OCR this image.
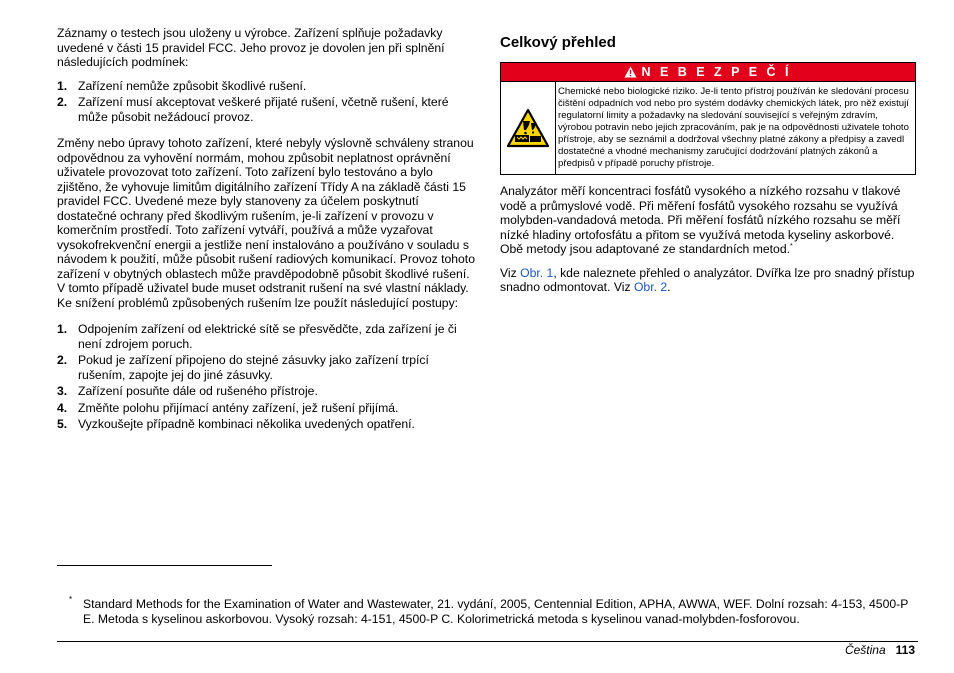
Záznamy o testech jsou uloženy u výrobce. Zařízení splňuje požadavky uvedené v části 15 pravidel FCC. Jeho provoz je dovolen jen při splnění následujících podmínek:

1. Zařízení nemůže způsobit škodlivé rušení.
2. Zařízení musí akceptovat veškeré přijaté rušení, včetně rušení, které může působit nežádoucí provoz.

Změny nebo úpravy tohoto zařízení, které nebyly výslovně schváleny stranou odpovědnou za vyhovění normám, mohou způsobit neplatnost oprávnění uživatele provozovat toto zařízení. Toto zařízení bylo testováno a bylo zjištěno, že vyhovuje limitům digitálního zařízení Třídy A na základě části 15 pravidel FCC. Uvedené meze byly stanoveny za účelem poskytnutí dostatečné ochrany před škodlivým rušením, je-li zařízení v provozu v komerčním prostředí. Toto zařízení vytváří, používá a může vyzařovat vysokofrekvenční energii a jestliže není instalováno a používáno v souladu s návodem k použití, může působit rušení radiových komunikací. Provoz tohoto zařízení v obytných oblastech může pravděpodobně působit škodlivé rušení. V tomto případě uživatel bude muset odstranit rušení na své vlastní náklady. Ke snížení problémů způsobených rušením lze použít následující postupy:

1. Odpojením zařízení od elektrické sítě se přesvědčte, zda zařízení je či není zdrojem poruch.
2. Pokud je zařízení připojeno do stejné zásuvky jako zařízení trpící rušením, zapojte jej do jiné zásuvky.
3. Zařízení posuňte dále od rušeného přístroje.
4. Změňte polohu přijímací antény zařízení, jež rušení přijímá.
5. Vyzkoušejte případně kombinaci několika uvedených opatření.
Celkový přehled
N E B E Z P E Č Í
Chemické nebo biologické riziko. Je-li tento přístroj používán ke sledování procesu čištění odpadních vod nebo pro systém dodávky chemických látek, pro něž existují regulatorní limity a požadavky na sledování související s veřejným zdravím, výrobou potravin nebo jejich zpracováním, pak je na odpovědnosti uživatele tohoto přístroje, aby se seznámil a dodržoval všechny platné zákony a předpisy a zavedl dostatečné a vhodné mechanismy zaručující dodržování platných zákonů a předpisů v případě poruchy přístroje.

Analyzátor měří koncentraci fosfátů vysokého a nízkého rozsahu v tlakové vodě a průmyslové vodě. Při měření fosfátů vysokého rozsahu se využívá molybden-vandadová metoda. Při měření fosfátů nízkého rozsahu se měří nízké hladiny ortofosfátu a přitom se využívá metoda kyseliny askorbové. Obě metody jsou adaptované ze standardních metod.*

Viz Obr. 1, kde naleznete přehled o analyzátor. Dvířka lze pro snadný přístup snadno odmontovat. Viz Obr. 2.

* Standard Methods for the Examination of Water and Wastewater, 21. vydání, 2005, Centennial Edition, APHA, AWWA, WEF. Dolní rozsah: 4-153, 4500-P E. Metoda s kyselinou askorbovou. Vysoký rozsah: 4-151, 4500-P C. Kolorimetrická metoda s kyselinou vanad-molybden-fosforovou.
Čeština 113
